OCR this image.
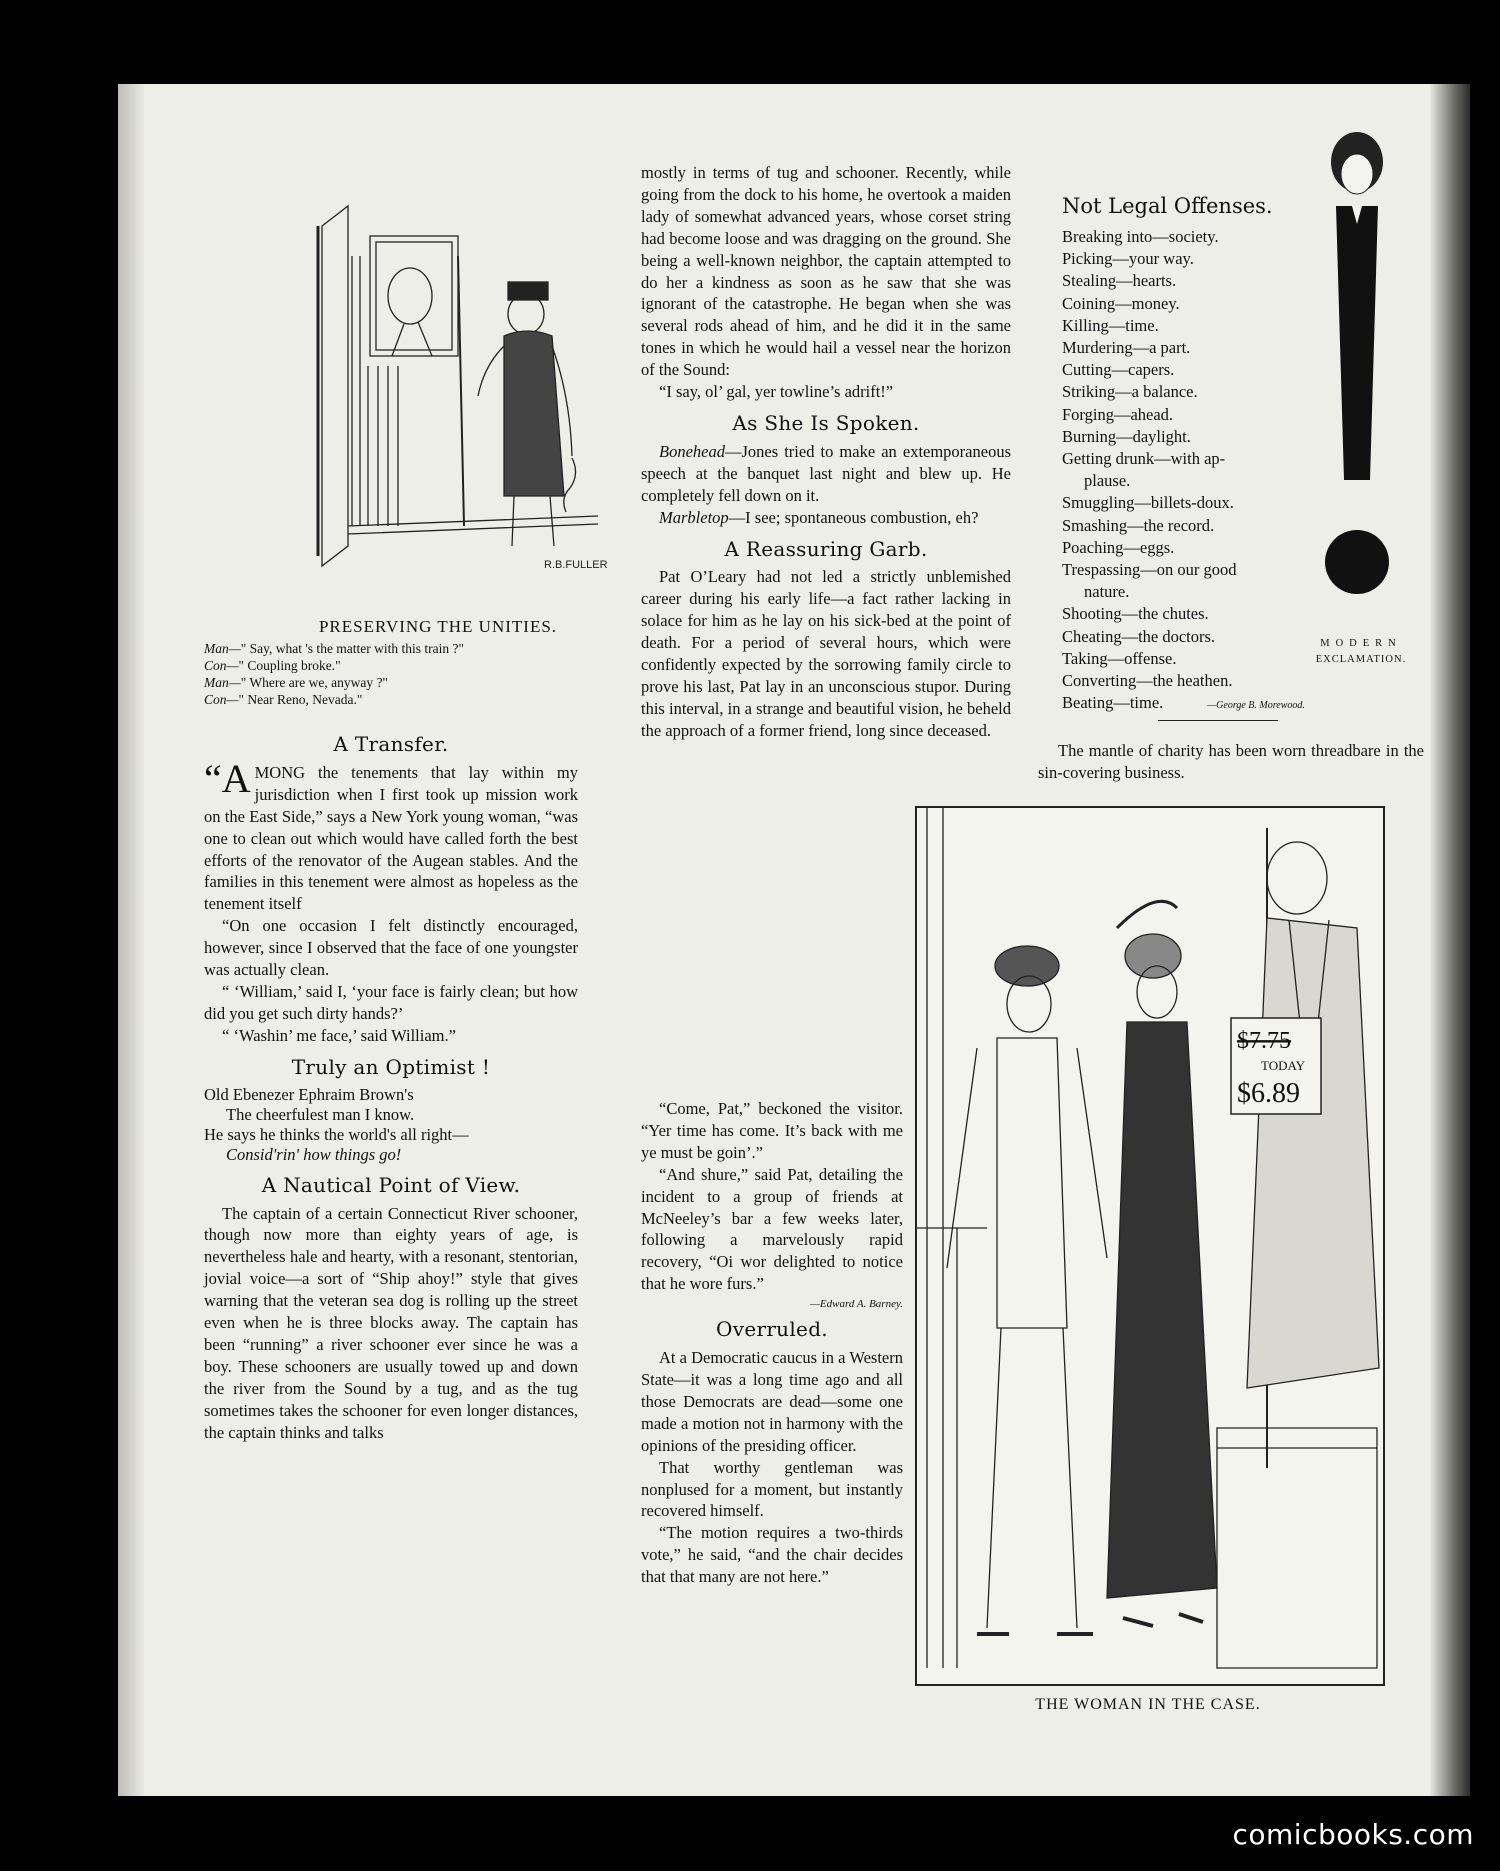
R.B.FULLER
PRESERVING THE UNITIES.
Man—" Say, what 's the matter with this train ?"
Con—" Coupling broke."
Man—" Where are we, anyway ?"
Con—" Near Reno, Nevada."
A Transfer.

“AMONG the tenements that lay within my jurisdiction when I first took up mission work on the East Side,” says a New York young woman, “was one to clean out which would have called forth the best efforts of the renovator of the Augean stables. And the families in this tenement were almost as hopeless as the tenement itself

“On one occasion I felt distinctly encouraged, however, since I observed that the face of one youngster was actually clean.

“ ‘William,’ said I, ‘your face is fairly clean; but how did you get such dirty hands?’

“ ‘Washin’ me face,’ said William.”

Truly an Optimist !
Old Ebenezer Ephraim Brown's
The cheerfulest man I know.
He says he thinks the world's all right—
Consid'rin' how things go!
A Nautical Point of View.

The captain of a certain Connecticut River schooner, though now more than eighty years of age, is nevertheless hale and hearty, with a resonant, stentorian, jovial voice—a sort of “Ship ahoy!” style that gives warning that the veteran sea dog is rolling up the street even when he is three blocks away. The captain has been “running” a river schooner ever since he was a boy. These schooners are usually towed up and down the river from the Sound by a tug, and as the tug sometimes takes the schooner for even longer distances, the captain thinks and talks

mostly in terms of tug and schooner. Recently, while going from the dock to his home, he overtook a maiden lady of somewhat advanced years, whose corset string had become loose and was dragging on the ground. She being a well-known neighbor, the captain attempted to do her a kindness as soon as he saw that she was ignorant of the catastrophe. He began when she was several rods ahead of him, and he did it in the same tones in which he would hail a vessel near the horizon of the Sound:

“I say, ol’ gal, yer towline’s adrift!”

As She Is Spoken.

Bonehead—Jones tried to make an extemporaneous speech at the banquet last night and blew up. He completely fell down on it.

Marbletop—I see; spontaneous combustion, eh?

A Reassuring Garb.

Pat O’Leary had not led a strictly unblemished career during his early life—a fact rather lacking in solace for him as he lay on his sick-bed at the point of death. For a period of several hours, which were confidently expected by the sorrowing family circle to prove his last, Pat lay in an unconscious stupor. During this interval, in a strange and beautiful vision, he beheld the approach of a former friend, long since deceased.

“Come, Pat,” beckoned the visitor. “Yer time has come. It’s back with me ye must be goin’.”

“And shure,” said Pat, detailing the incident to a group of friends at McNeeley’s bar a few weeks later, following a marvelously rapid recovery, “Oi wor delighted to notice that he wore furs.”

—Edward A. Barney.
Overruled.

At a Democratic caucus in a Western State—it was a long time ago and all those Democrats are dead—some one made a motion not in harmony with the opinions of the presiding officer.

That worthy gentleman was nonplused for a moment, but instantly recovered himself.

“The motion requires a two-thirds vote,” he said, “and the chair decides that that many are not here.”

Not Legal Offenses.
Breaking into—society.
Picking—your way.
Stealing—hearts.
Coining—money.
Killing—time.
Murdering—a part.
Cutting—capers.
Striking—a balance.
Forging—ahead.
Burning—daylight.
Getting drunk—with ap-
plause.
Smuggling—billets-doux.
Smashing—the record.
Poaching—eggs.
Trespassing—on our good
nature.
Shooting—the chutes.
Cheating—the doctors.
Taking—offense.
Converting—the heathen.
Beating—time.	—George B. Morewood.
MODERN
EXCLAMATION.
The mantle of charity has been worn threadbare in the sin-covering business.
$7.75
TODAY
$6.89
THE WOMAN IN THE CASE.
comicbooks.com
